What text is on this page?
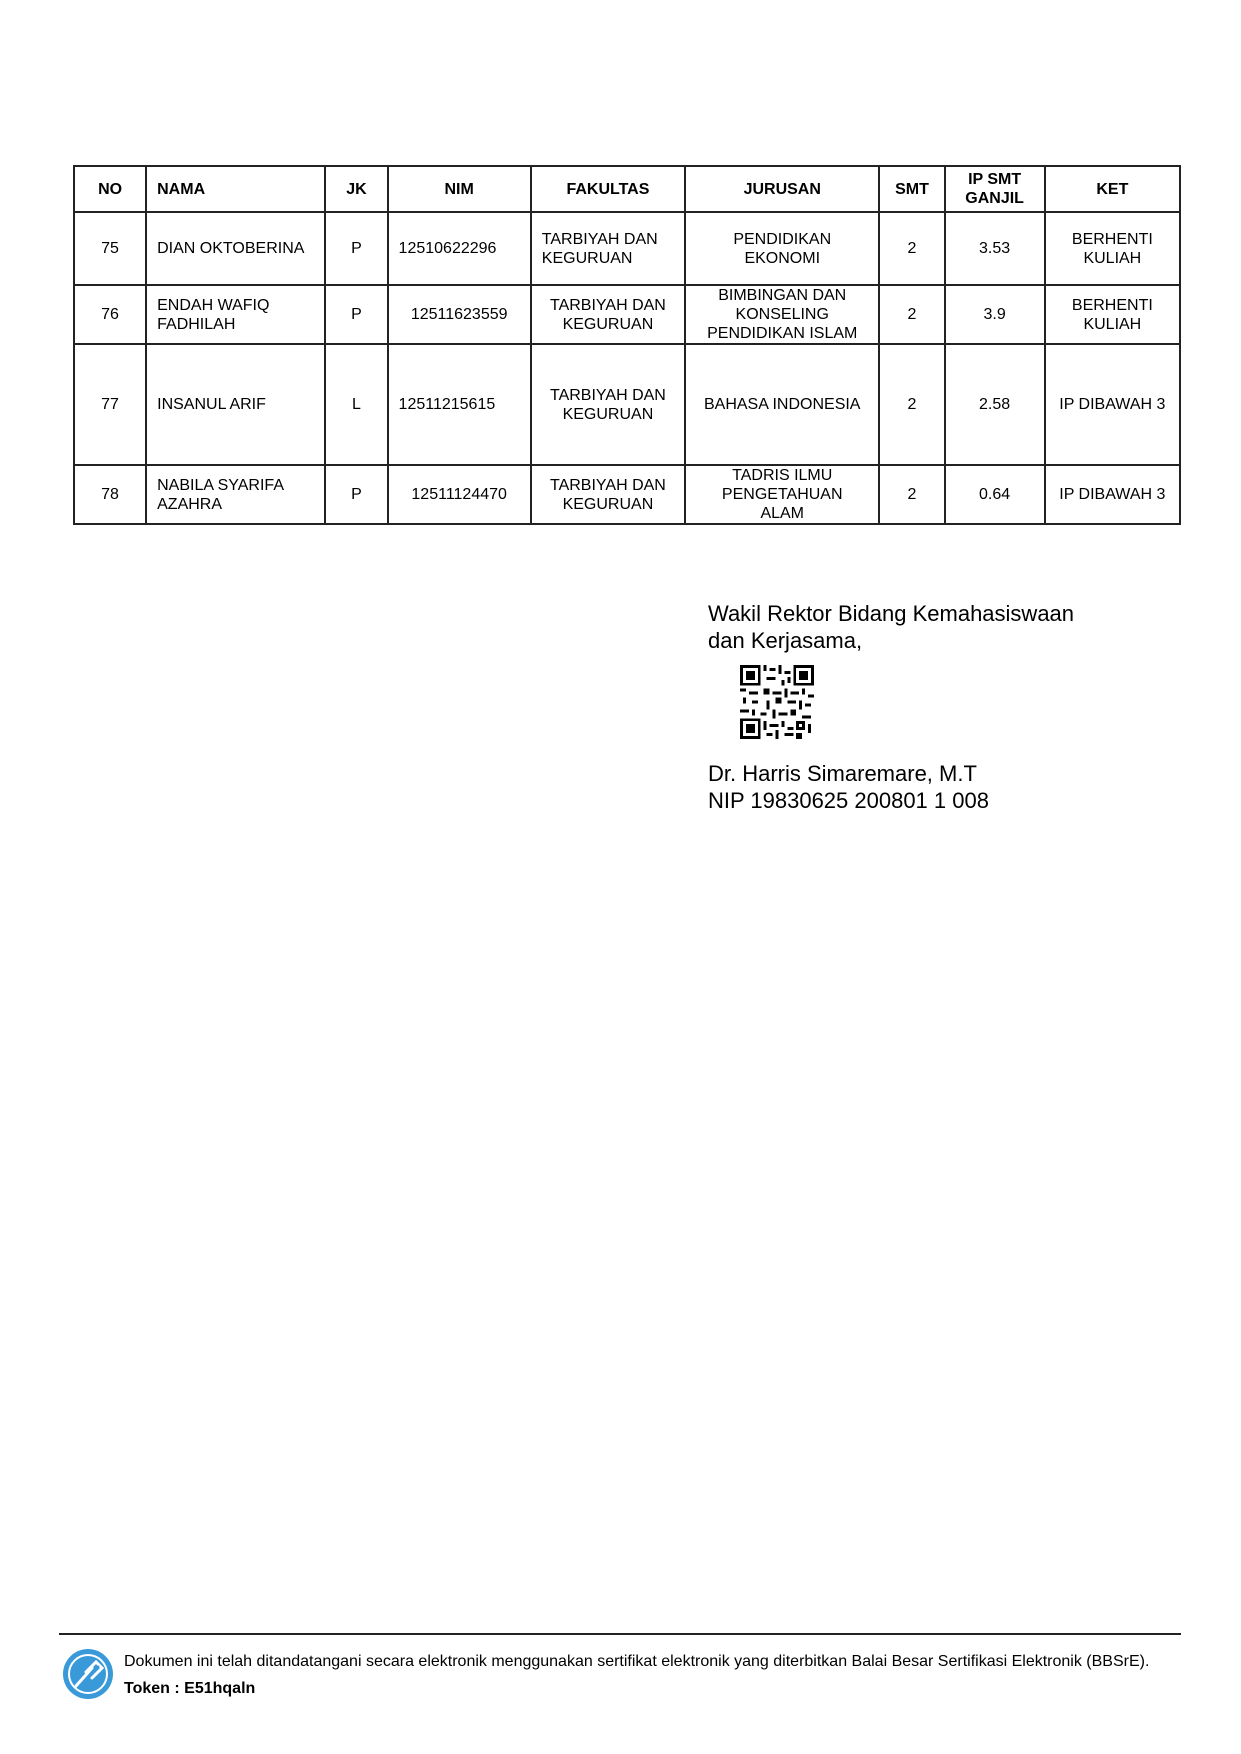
NO	NAMA	JK	NIM	FAKULTAS	JURUSAN	SMT	IP SMT GANJIL	KET
75	DIAN OKTOBERINA	P	12510622296	TARBIYAH DAN KEGURUAN	PENDIDIKAN EKONOMI	2	3.53	BERHENTI KULIAH
76	ENDAH WAFIQ FADHILAH	P	12511623559	TARBIYAH DAN KEGURUAN	BIMBINGAN DAN KONSELING PENDIDIKAN ISLAM	2	3.9	BERHENTI KULIAH
77	INSANUL ARIF	L	12511215615	TARBIYAH DAN KEGURUAN	BAHASA INDONESIA	2	2.58	IP DIBAWAH 3
78	NABILA SYARIFA AZAHRA	P	12511124470	TARBIYAH DAN KEGURUAN	TADRIS ILMU PENGETAHUAN ALAM	2	0.64	IP DIBAWAH 3
Wakil Rektor Bidang Kemahasiswaan
dan Kerjasama,
Dr. Harris Simaremare, M.T
NIP 19830625 200801 1 008
Dokumen ini telah ditandatangani secara elektronik menggunakan sertifikat elektronik yang diterbitkan Balai Besar Sertifikasi Elektronik (BBSrE).
Token : E51hqaln
